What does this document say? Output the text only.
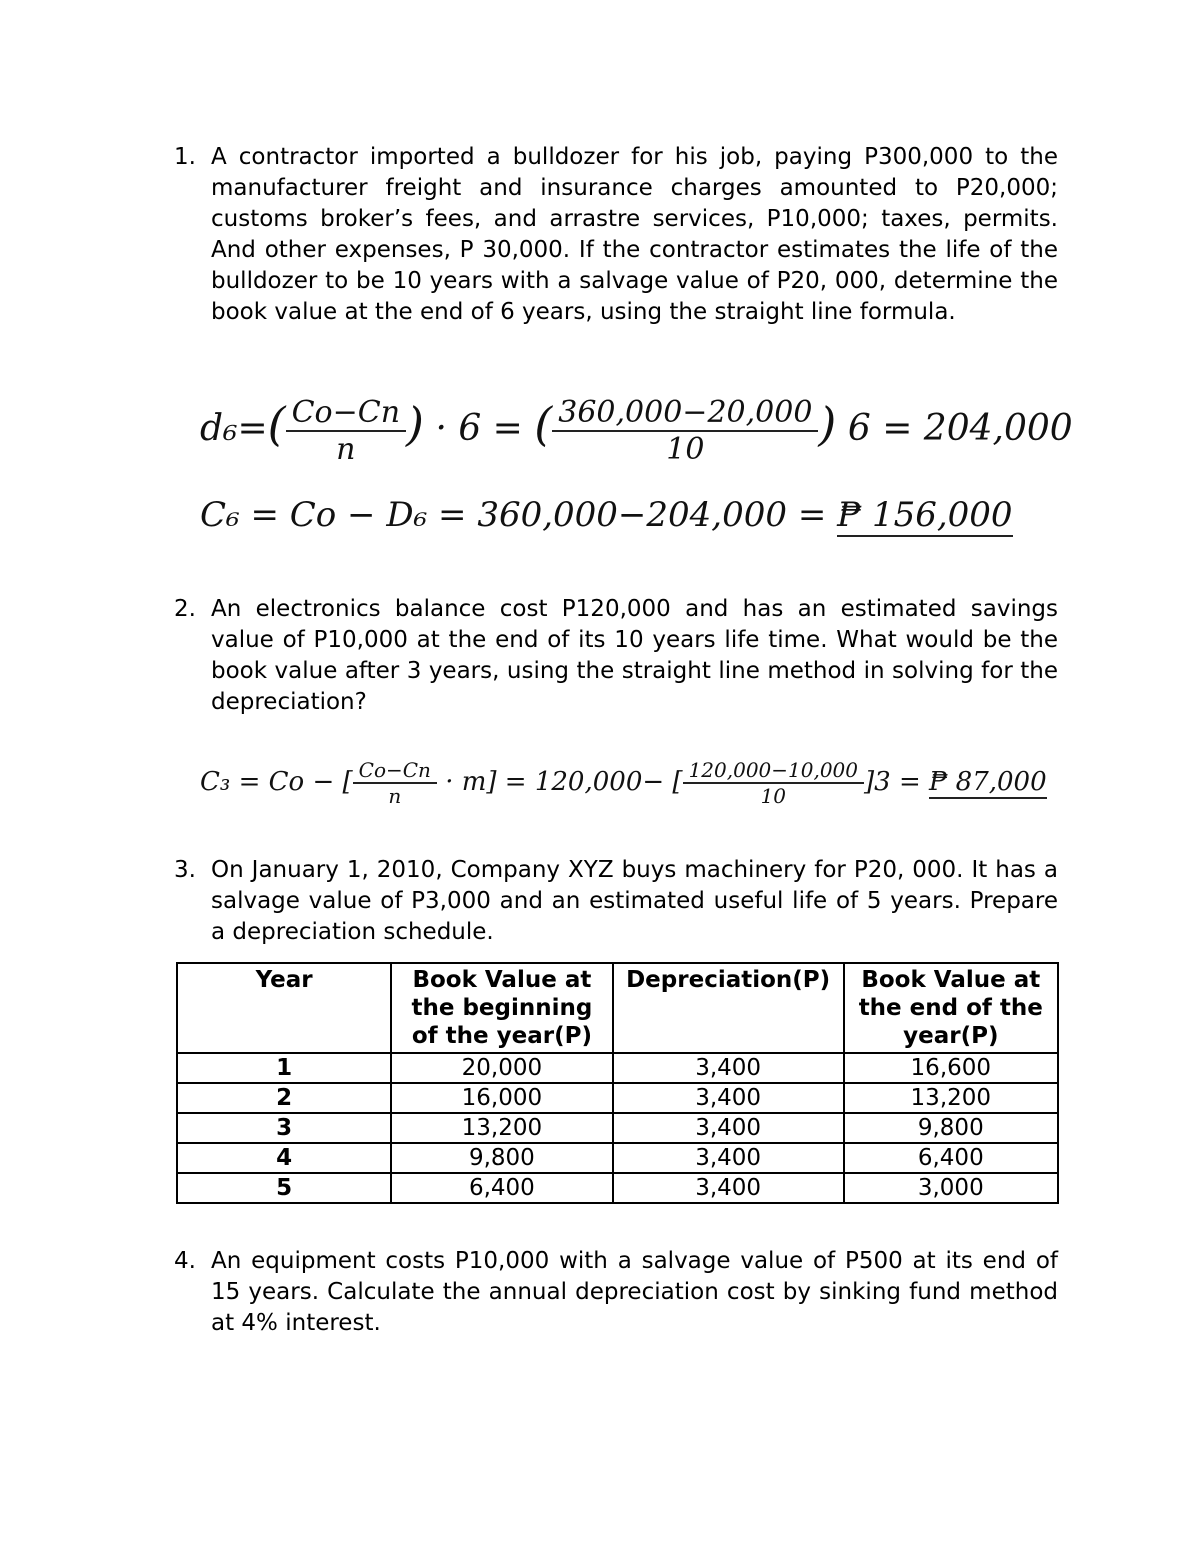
1. A contractor imported a bulldozer for his job, paying P300,000 to the manufacturer freight and insurance charges amounted to P20,000; customs broker’s fees, and arrastre services, P10,000; taxes, permits. And other expenses, P 30,000. If the contractor estimates the life of the bulldozer to be 10 years with a salvage value of P20, 000, determine the book value at the end of 6 years, using the straight line formula.
$d_6=( \frac{Co-Cn}{n}$ ) · 6 = ( $\frac{360,000-20,000}{10}$ ) 6 = 204,000
C₆ = Co − D₆ = 360,000−204,000 = ₱ 156,000
2. An electronics balance cost P120,000 and has an estimated savings value of P10,000 at the end of its 10 years life time. What would be the book value after 3 years, using the straight line method in solving for the depreciation?
C₃ = Co − [ $\frac{Co-Cn}{n} \cdot m] = 120,000-$ [ $\frac{120,000-10,000}{10} ]3$ = ₱ 87,000
3. On January 1, 2010, Company XYZ buys machinery for P20, 000. It has a salvage value of P3,000 and an estimated useful life of 5 years. Prepare a depreciation schedule.
Year	Book Value at the beginning of the year(P)	Depreciation(P)	Book Value at the end of the year(P)
1	20,000	3,400	16,600
2	16,000	3,400	13,200
3	13,200	3,400	9,800
4	9,800	3,400	6,400
5	6,400	3,400	3,000
4. An equipment costs P10,000 with a salvage value of P500 at its end of 15 years. Calculate the annual depreciation cost by sinking fund method at 4% interest.
